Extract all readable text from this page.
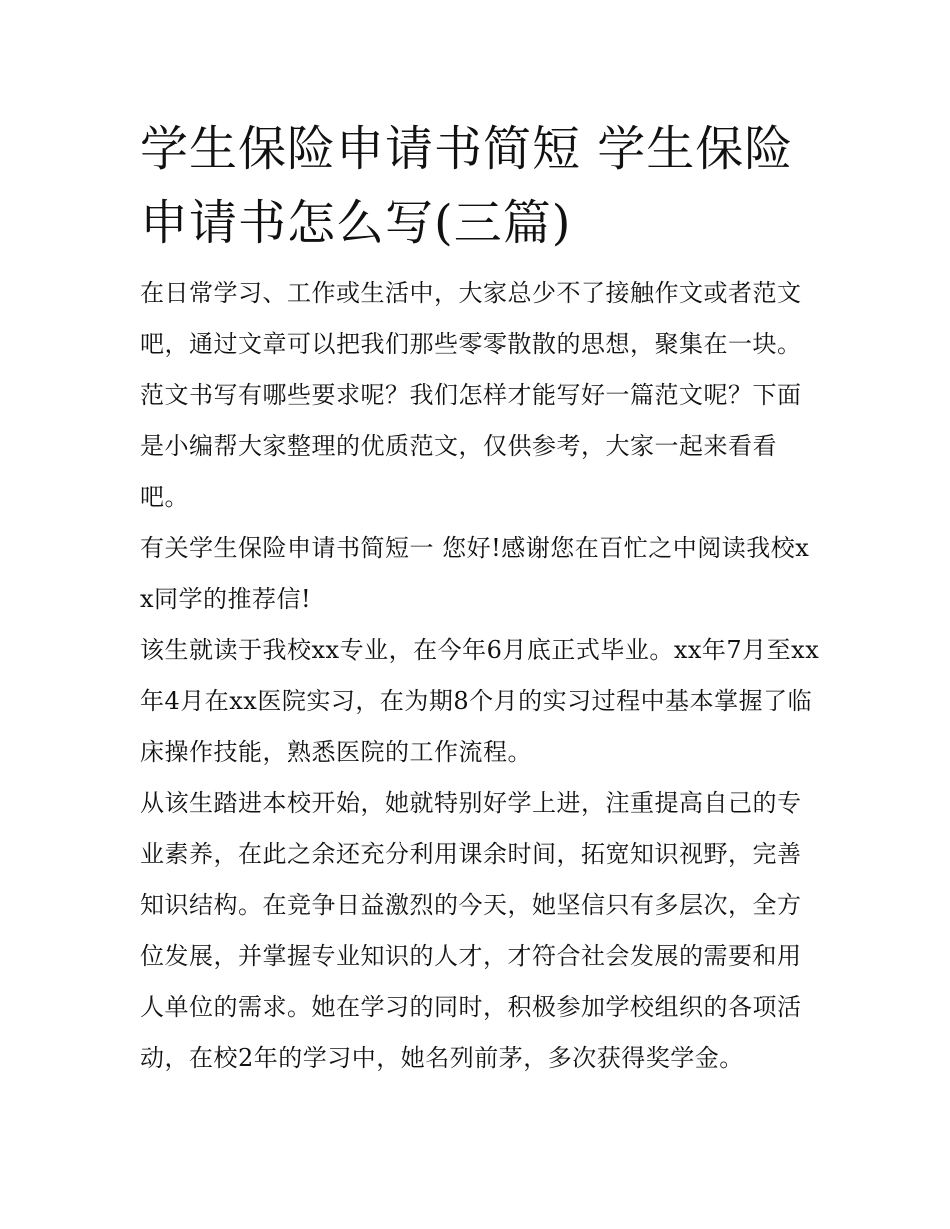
学生保险申请书简短 学生保险申请书怎么写(三篇)

在日常学习、工作或生活中，大家总少不了接触作文或者范文吧，通过文章可以把我们那些零零散散的思想，聚集在一块。范文书写有哪些要求呢？我们怎样才能写好一篇范文呢？下面是小编帮大家整理的优质范文，仅供参考，大家一起来看看吧。

有关学生保险申请书简短一 您好!感谢您在百忙之中阅读我校xx同学的推荐信!

该生就读于我校xx专业，在今年6月底正式毕业。xx年7月至xx年4月在xx医院实习，在为期8个月的实习过程中基本掌握了临床操作技能，熟悉医院的工作流程。

从该生踏进本校开始，她就特别好学上进，注重提高自己的专业素养，在此之余还充分利用课余时间，拓宽知识视野，完善知识结构。在竞争日益激烈的今天，她坚信只有多层次，全方位发展，并掌握专业知识的人才，才符合社会发展的需要和用人单位的需求。她在学习的同时，积极参加学校组织的各项活动，在校2年的学习中，她名列前茅，多次获得奖学金。
